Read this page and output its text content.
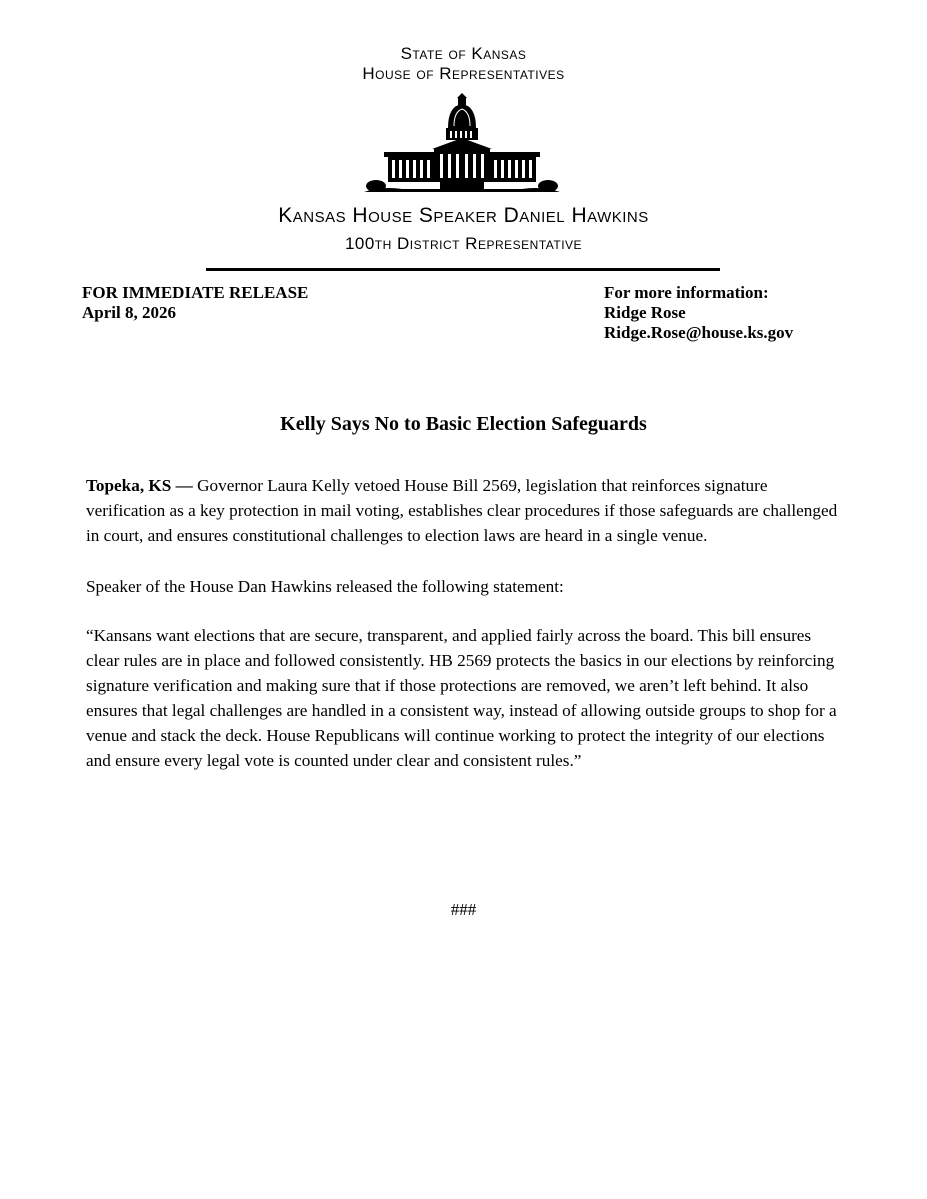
State of Kansas
House of Representatives
Kansas House Speaker Daniel Hawkins
100th District Representative
FOR IMMEDIATE RELEASE
April 8, 2026
For more information:
Ridge Rose
Ridge.Rose@house.ks.gov
Kelly Says No to Basic Election Safeguards

Topeka, KS — Governor Laura Kelly vetoed House Bill 2569, legislation that reinforces signature verification as a key protection in mail voting, establishes clear procedures if those safeguards are challenged in court, and ensures constitutional challenges to election laws are heard in a single venue.

Speaker of the House Dan Hawkins released the following statement:

“Kansans want elections that are secure, transparent, and applied fairly across the board. This bill ensures clear rules are in place and followed consistently. HB 2569 protects the basics in our elections by reinforcing signature verification and making sure that if those protections are removed, we aren’t left behind. It also ensures that legal challenges are handled in a consistent way, instead of allowing outside groups to shop for a venue and stack the deck. House Republicans will continue working to protect the integrity of our elections and ensure every legal vote is counted under clear and consistent rules.”

###
